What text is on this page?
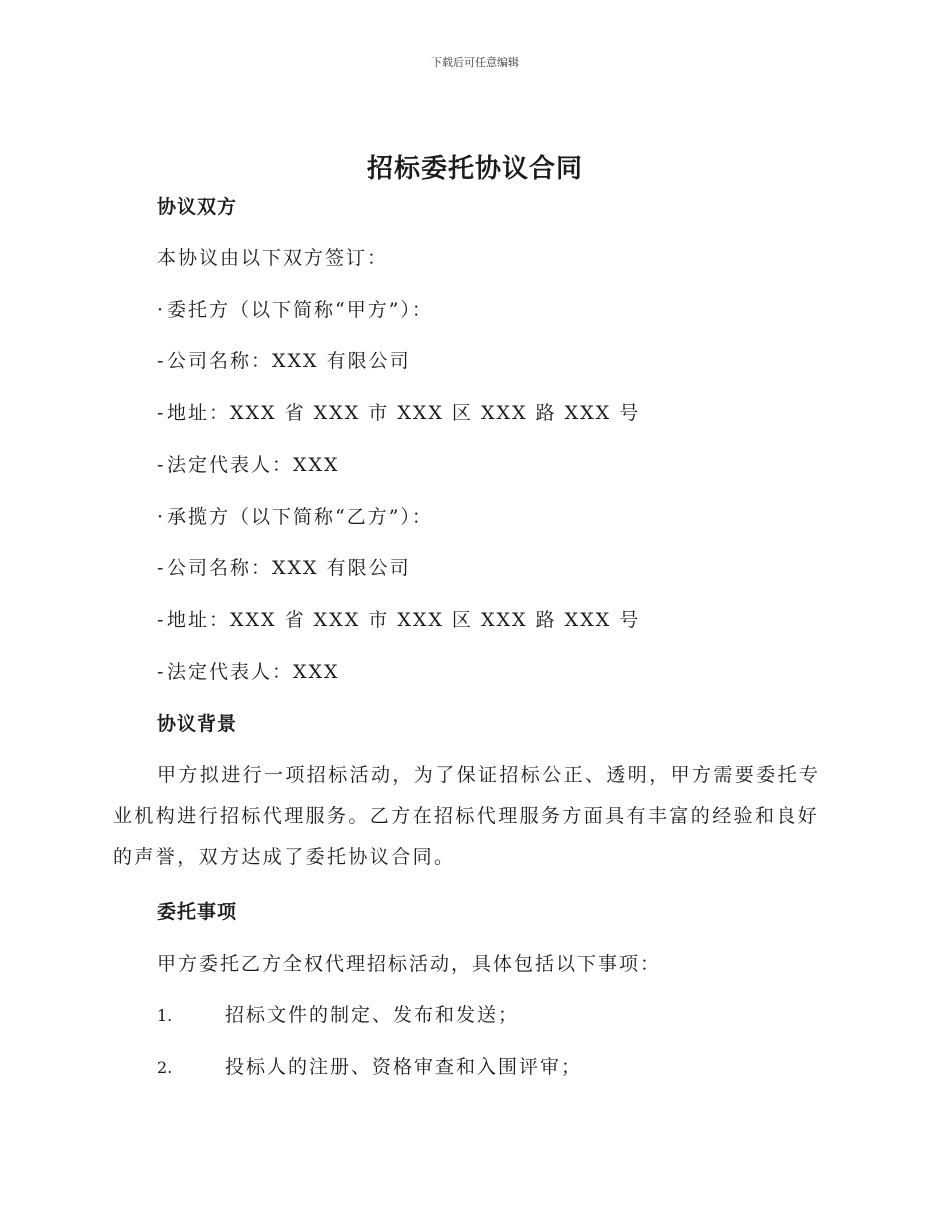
下载后可任意编辑
招标委托协议合同
协议双方
本协议由以下双方签订：
· 委托方（以下简称“甲方”）：
-公司名称：XXX 有限公司
-地址：XXX 省 XXX 市 XXX 区 XXX 路 XXX 号
-法定代表人：XXX
· 承揽方（以下简称“乙方”）：
-公司名称：XXX 有限公司
-地址：XXX 省 XXX 市 XXX 区 XXX 路 XXX 号
-法定代表人：XXX
协议背景
甲方拟进行一项招标活动，为了保证招标公正、透明，甲方需要委托专业机构进行招标代理服务。乙方在招标代理服务方面具有丰富的经验和良好的声誉，双方达成了委托协议合同。
委托事项
甲方委托乙方全权代理招标活动，具体包括以下事项：
1.	招标文件的制定、发布和发送；
2.	投标人的注册、资格审查和入围评审；
